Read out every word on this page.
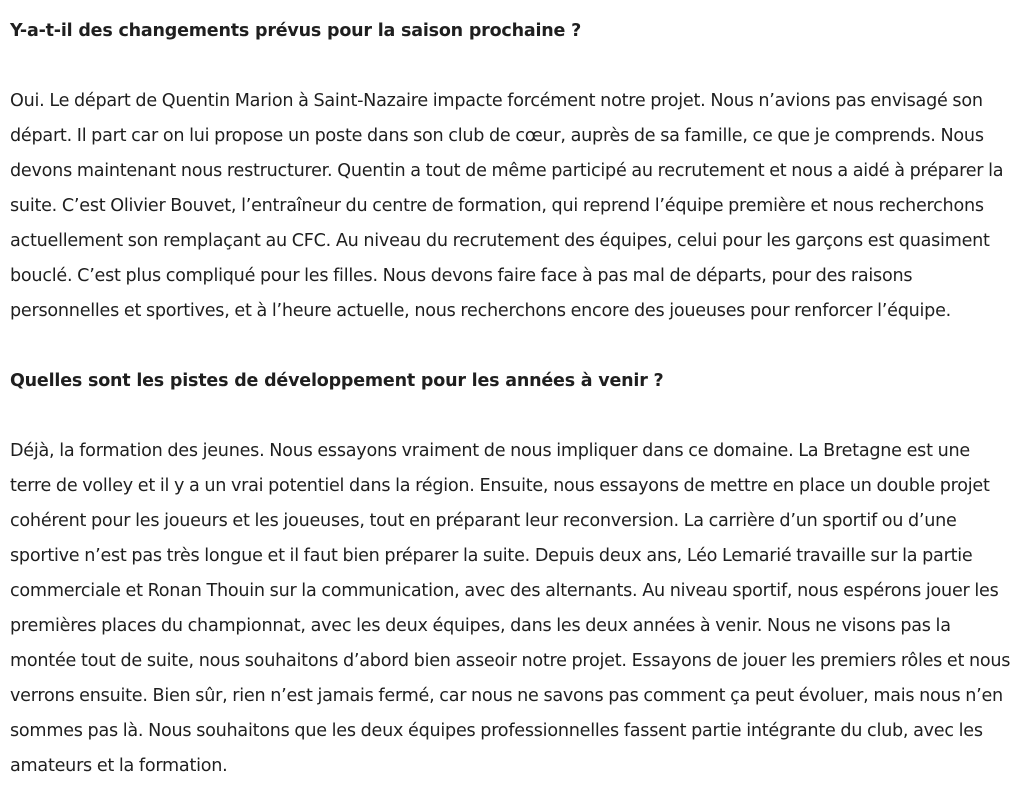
Y-a-t-il des changements prévus pour la saison prochaine ?

Oui. Le départ de Quentin Marion à Saint-Nazaire impacte forcément notre projet. Nous n’avions pas envisagé son départ. Il part car on lui propose un poste dans son club de cœur, auprès de sa famille, ce que je comprends. Nous devons maintenant nous restructurer. Quentin a tout de même participé au recrutement et nous a aidé à préparer la suite. C’est Olivier Bouvet, l’entraîneur du centre de formation, qui reprend l’équipe première et nous recherchons actuellement son remplaçant au CFC. Au niveau du recrutement des équipes, celui pour les garçons est quasiment bouclé. C’est plus compliqué pour les filles. Nous devons faire face à pas mal de départs, pour des raisons personnelles et sportives, et à l’heure actuelle, nous recherchons encore des joueuses pour renforcer l’équipe.

Quelles sont les pistes de développement pour les années à venir ?

Déjà, la formation des jeunes. Nous essayons vraiment de nous impliquer dans ce domaine. La Bretagne est une terre de volley et il y a un vrai potentiel dans la région. Ensuite, nous essayons de mettre en place un double projet cohérent pour les joueurs et les joueuses, tout en préparant leur reconversion. La carrière d’un sportif ou d’une sportive n’est pas très longue et il faut bien préparer la suite. Depuis deux ans, Léo Lemarié travaille sur la partie commerciale et Ronan Thouin sur la communication, avec des alternants. Au niveau sportif, nous espérons jouer les premières places du championnat, avec les deux équipes, dans les deux années à venir. Nous ne visons pas la montée tout de suite, nous souhaitons d’abord bien asseoir notre projet. Essayons de jouer les premiers rôles et nous verrons ensuite. Bien sûr, rien n’est jamais fermé, car nous ne savons pas comment ça peut évoluer, mais nous n’en sommes pas là. Nous souhaitons que les deux équipes professionnelles fassent partie intégrante du club, avec les amateurs et la formation.
